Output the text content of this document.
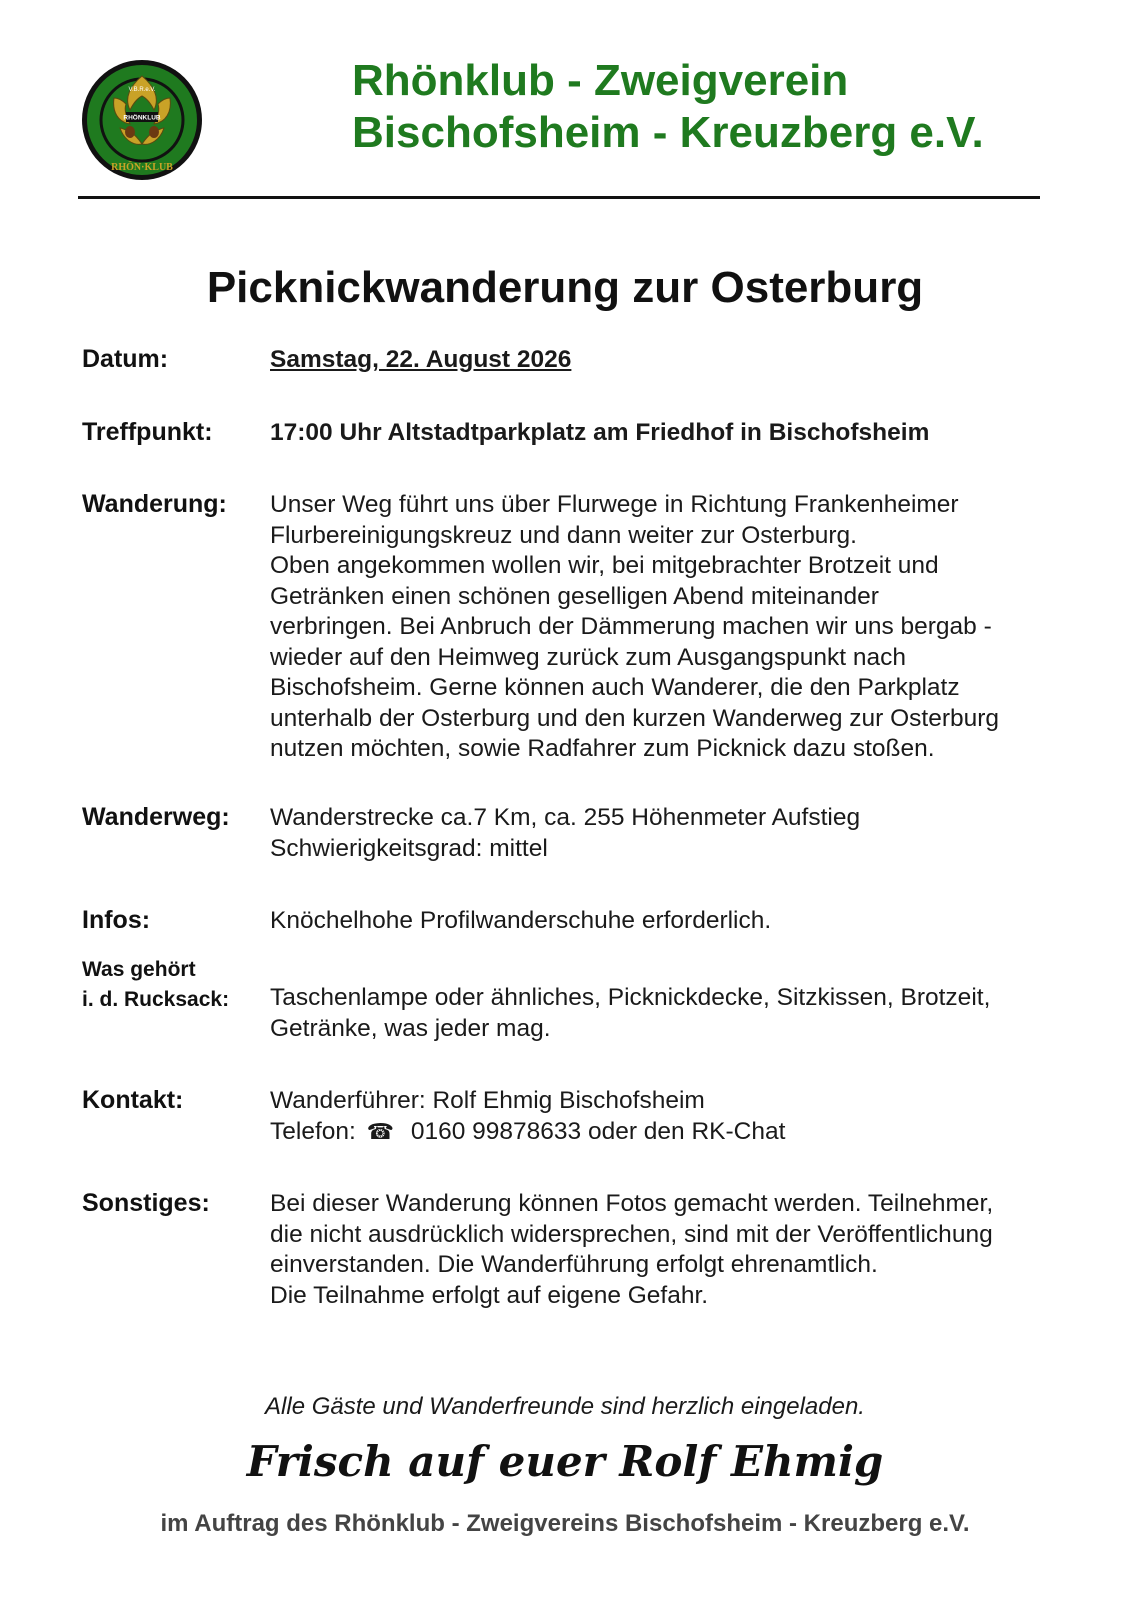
V.B.R.e.V.
RHÖNKLUB
RHÖN·KLUB
Rhönklub - Zweigverein
Bischofsheim - Kreuzberg e.V.
Picknickwanderung zur Osterburg
Datum:	Samstag, 22. August 2026
Treffpunkt: 17:00 Uhr Altstadtparkplatz am Friedhof in Bischofsheim
Wanderung: Unser Weg führt uns über Flurwege in Richtung Frankenheimer

Flurbereinigungskreuz und dann weiter zur Osterburg.

Oben angekommen wollen wir, bei mitgebrachter Brotzeit und

Getränken einen schönen geselligen Abend miteinander

verbringen. Bei Anbruch der Dämmerung machen wir uns bergab -

wieder auf den Heimweg zurück zum Ausgangspunkt nach

Bischofsheim. Gerne können auch Wanderer, die den Parkplatz

unterhalb der Osterburg und den kurzen Wanderweg zur Osterburg

nutzen möchten, sowie Radfahrer zum Picknick dazu stoßen.

Wanderweg: Wanderstrecke ca.7 Km, ca. 255 Höhenmeter Aufstieg

Schwierigkeitsgrad: mittel

Infos:	Knöchelhohe Profilwanderschuhe erforderlich.
Was gehört
i. d. Rucksack: Taschenlampe oder ähnliches, Picknickdecke, Sitzkissen, Brotzeit,

Getränke, was jeder mag.

Kontakt:	Wanderführer: Rolf Ehmig Bischofsheim

Telefon: ☎ 0160 99878633 oder den RK-Chat

Sonstiges: Bei dieser Wanderung können Fotos gemacht werden. Teilnehmer,

die nicht ausdrücklich widersprechen, sind mit der Veröffentlichung

einverstanden. Die Wanderführung erfolgt ehrenamtlich.

Die Teilnahme erfolgt auf eigene Gefahr.

Alle Gäste und Wanderfreunde sind herzlich eingeladen.
Frisch auf euer Rolf Ehmig
im Auftrag des Rhönklub - Zweigvereins Bischofsheim - Kreuzberg e.V.
